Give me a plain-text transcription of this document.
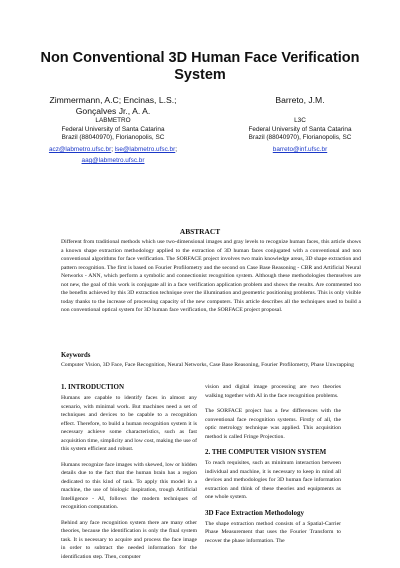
Non Conventional 3D Human Face Verification
System
Zimmermann, A.C; Encinas, L.S.;
Gonçalves Jr., A. A.
LABMETRO
Federal University of Santa Catarina
Brazil (88040970), Florianopolis, SC
acz@labmetro.ufsc.br; lse@labmetro.ufsc.br;
aag@labmetro.ufsc.br
Barreto, J.M.
L3C
Federal University of Santa Catarina
Brazil (88040970), Florianopolis, SC
barreto@inf.ufsc.br
ABSTRACT
Different from traditional methods which use two-dimensional images and gray levels to recognize human faces, this article shows a known shape extraction methodology applied to the extraction of 3D human faces conjugated with a conventional and non conventional algorithms for face verification. The SORFACE project involves two main knowledge areas, 3D shape extraction and pattern recognition. The first is based on Fourier Profilometry and the second on Case Base Reasoning - CBR and Artificial Neural Networks - ANN, which perform a symbolic and connectionist recognition system. Although these methodologies themselves are not new, the goal of this work is conjugate all in a face verification application problem and shows the results. Are commented too the benefits achieved by this 3D extraction technique over the illumination and geometric positioning problems. This is only visible today thanks to the increase of processing capacity of the new computers. This article describes all the techniques used to build a non conventional optical system for 3D human face verification, the SORFACE project proposal.
Keywords
Computer Vision, 3D Face, Face Recognition, Neural Networks, Case Base Reasoning, Fourier Profilometry, Phase Unwrapping
1. INTRODUCTION

Humans are capable to identify faces in almost any scenario, with minimal work. But machines need a set of techniques and devices to be capable to a recognition effect. Therefore, to build a human recognition system it is necessary achieve some characteristics, such as fast acquisition time, simplicity and low cost, making the use of this system efficient and robust.

Humans recognize face images with skewed, low or hidden details due to the fact that the human brain has a region dedicated to this kind of task. To apply this model in a machine, the use of biologic inspiration, trough Artificial Intelligence - AI, follows the modern techniques of recognition computation.

Behind any face recognition system there are many other theories, because the identification is only the final system task. It is necessary to acquire and process the face image in order to subtract the needed information for the identification step. Then, computer

vision and digital image processing are two theories walking together with AI in the face recognition problems.

The SORFACE project has a few differences with the conventional face recognition systems. Firstly of all, the optic metrology technique was applied. This acquisition method is called Fringe Projection.

2. THE COMPUTER VISION SYSTEM

To reach requisites, such as minimum interaction between individual and machine, it is necessary to keep in mind all devices and methodologies for 3D human face information extraction and think of these theories and equipments as one whole system.

3D Face Extraction Methodology

The shape extraction method consists of a Spatial-Carrier Phase Measurement that uses the Fourier Transform to recover the phase information. The
